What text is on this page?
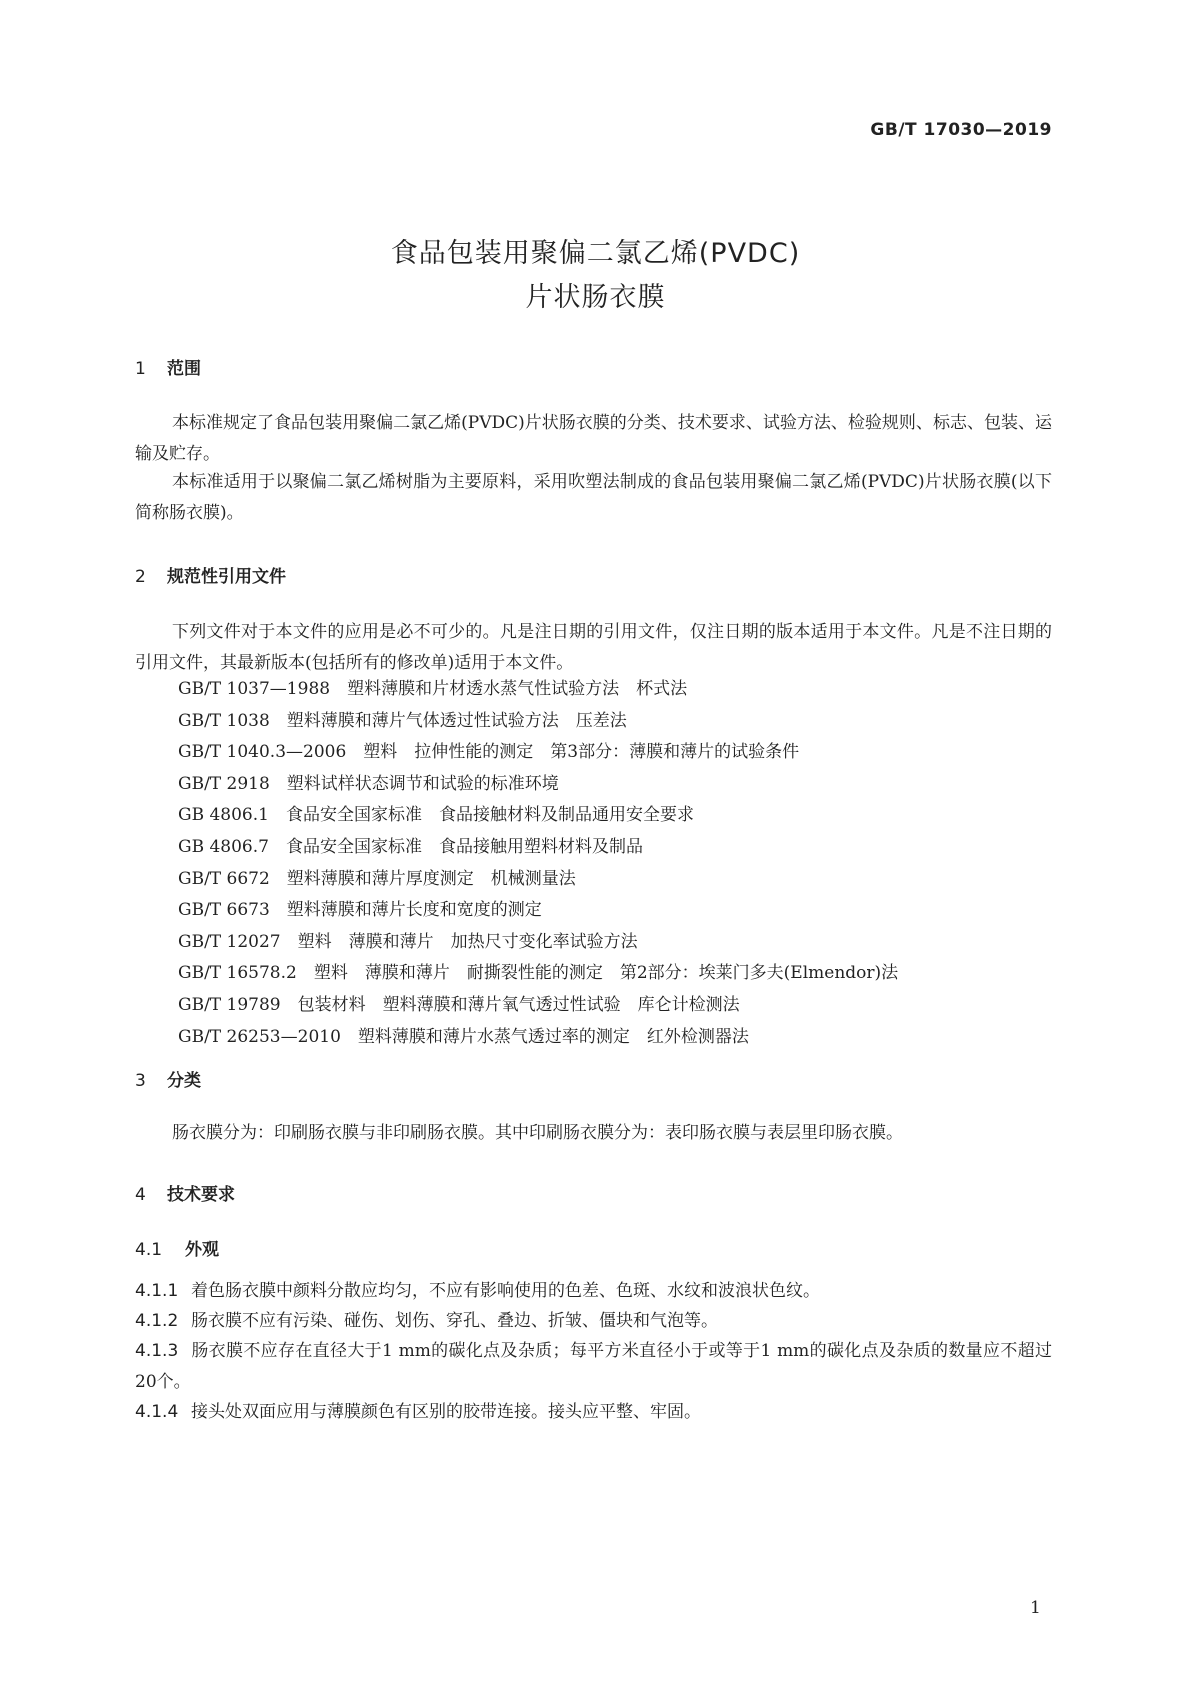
GB/T 17030—2019
食品包装用聚偏二氯乙烯(PVDC)
片状肠衣膜
1 范围
本标准规定了食品包装用聚偏二氯乙烯(PVDC)片状肠衣膜的分类、技术要求、试验方法、检验规则、标志、包装、运输及贮存。
本标准适用于以聚偏二氯乙烯树脂为主要原料，采用吹塑法制成的食品包装用聚偏二氯乙烯(PVDC)片状肠衣膜(以下简称肠衣膜)。
2 规范性引用文件
下列文件对于本文件的应用是必不可少的。凡是注日期的引用文件，仅注日期的版本适用于本文件。凡是不注日期的引用文件，其最新版本(包括所有的修改单)适用于本文件。
GB/T 1037—1988　塑料薄膜和片材透水蒸气性试验方法　杯式法
GB/T 1038　塑料薄膜和薄片气体透过性试验方法　压差法
GB/T 1040.3—2006　塑料　拉伸性能的测定　第3部分：薄膜和薄片的试验条件
GB/T 2918　塑料试样状态调节和试验的标准环境
GB 4806.1　食品安全国家标准　食品接触材料及制品通用安全要求
GB 4806.7　食品安全国家标准　食品接触用塑料材料及制品
GB/T 6672　塑料薄膜和薄片厚度测定　机械测量法
GB/T 6673　塑料薄膜和薄片长度和宽度的测定
GB/T 12027　塑料　薄膜和薄片　加热尺寸变化率试验方法
GB/T 16578.2　塑料　薄膜和薄片　耐撕裂性能的测定　第2部分：埃莱门多夫(Elmendor)法
GB/T 19789　包装材料　塑料薄膜和薄片氧气透过性试验　库仑计检测法
GB/T 26253—2010　塑料薄膜和薄片水蒸气透过率的测定　红外检测器法
3 分类
肠衣膜分为：印刷肠衣膜与非印刷肠衣膜。其中印刷肠衣膜分为：表印肠衣膜与表层里印肠衣膜。
4 技术要求
4.1 外观
4.1.1 着色肠衣膜中颜料分散应均匀，不应有影响使用的色差、色斑、水纹和波浪状色纹。
4.1.2 肠衣膜不应有污染、碰伤、划伤、穿孔、叠边、折皱、僵块和气泡等。
4.1.3 肠衣膜不应存在直径大于1 mm的碳化点及杂质；每平方米直径小于或等于1 mm的碳化点及杂质的数量应不超过20个。
4.1.4 接头处双面应用与薄膜颜色有区别的胶带连接。接头应平整、牢固。
1
